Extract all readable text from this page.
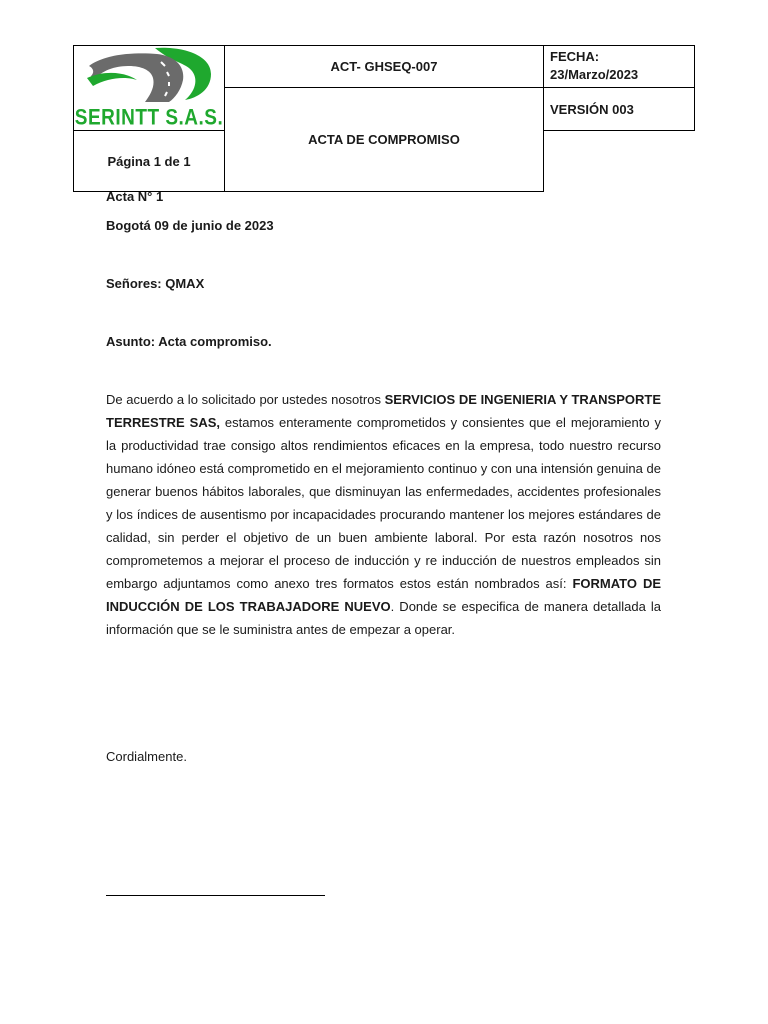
SERINTT S.A.S.	ACT- GHSEQ-007	FECHA:
23/Marzo/2023

	ACTA DE COMPROMISO	VERSIÓN 003
Página 1 de 1		
Acta N° 1
Bogotá 09 de junio de 2023
Señores: QMAX
Asunto: Acta compromiso.
De acuerdo a lo solicitado por ustedes nosotros SERVICIOS DE INGENIERIA Y TRANSPORTE TERRESTRE SAS, estamos enteramente comprometidos y consientes que el mejoramiento y la productividad trae consigo altos rendimientos eficaces en la empresa, todo nuestro recurso humano idóneo está comprometido en el mejoramiento continuo y con una intensión genuina de generar buenos hábitos laborales, que disminuyan las enfermedades, accidentes profesionales y los índices de ausentismo por incapacidades procurando mantener los mejores estándares de calidad, sin perder el objetivo de un buen ambiente laboral. Por esta razón nosotros nos comprometemos a mejorar el proceso de inducción y re inducción de nuestros empleados sin embargo adjuntamos como anexo tres formatos estos están nombrados así: FORMATO DE INDUCCIÓN DE LOS TRABAJADORE NUEVO. Donde se especifica de manera detallada la información que se le suministra antes de empezar a operar.
Cordialmente.
